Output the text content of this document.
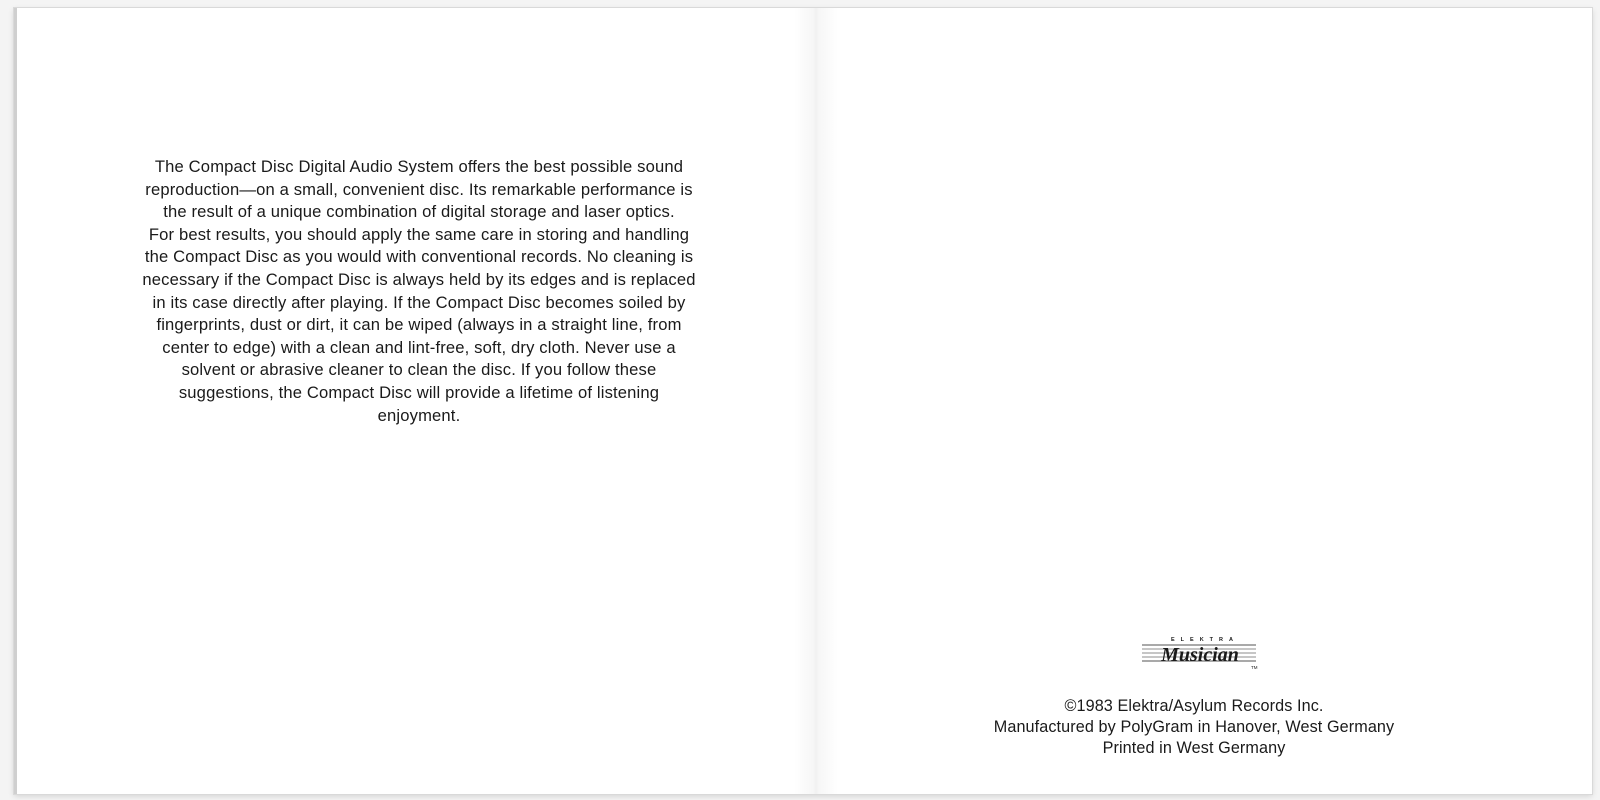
The Compact Disc Digital Audio System offers the best possible sound reproduction—on a small, convenient disc. Its remarkable performance is the result of a unique combination of digital storage and laser optics.

For best results, you should apply the same care in storing and handling the Compact Disc as you would with conventional records. No cleaning is necessary if the Compact Disc is always held by its edges and is replaced in its case directly after playing. If the Compact Disc becomes soiled by fingerprints, dust or dirt, it can be wiped (always in a straight line, from center to edge) with a clean and lint-free, soft, dry cloth. Never use a solvent or abrasive cleaner to clean the disc. If you follow these suggestions, the Compact Disc will provide a lifetime of listening enjoyment.

ELEKTRA
Musician
TM
©1983 Elektra/Asylum Records Inc.
Manufactured by PolyGram in Hanover, West Germany
Printed in West Germany
